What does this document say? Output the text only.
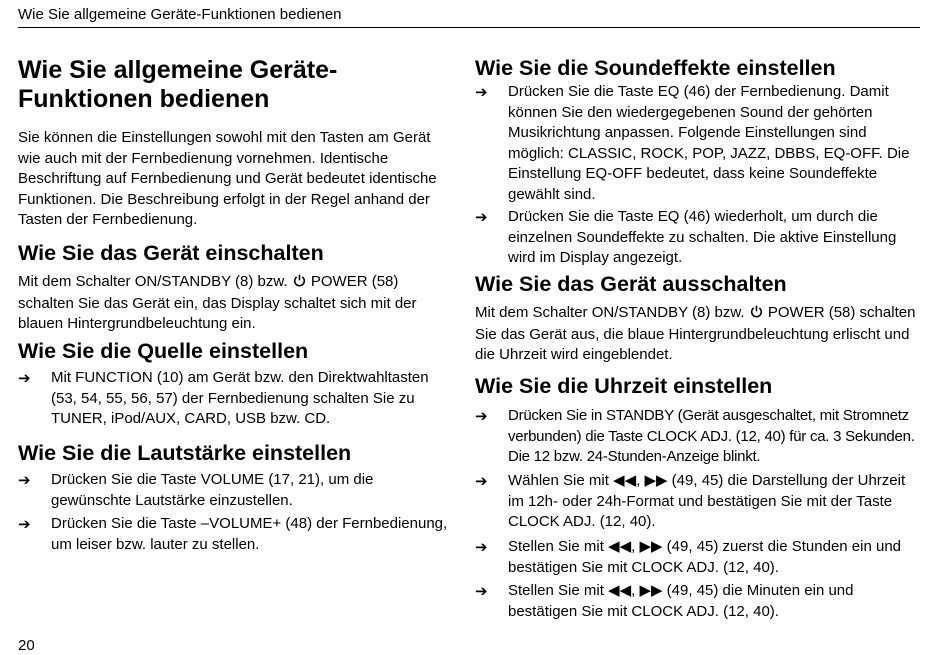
Wie Sie allgemeine Geräte-Funktionen bedienen
Wie Sie allgemeine Geräte-Funktionen bedienen

Sie können die Einstellungen sowohl mit den Tasten am Gerät wie auch mit der Fernbedienung vornehmen. Identische Beschriftung auf Fernbedienung und Gerät bedeutet identische Funktionen. Die Beschreibung erfolgt in der Regel anhand der Tasten der Fernbedienung.

Wie Sie das Gerät einschalten

Mit dem Schalter ON/STANDBY (8) bzw. POWER (58) schalten Sie das Gerät ein, das Display schaltet sich mit der blauen Hintergrundbeleuchtung ein.

Wie Sie die Quelle einstellen
➔	Mit FUNCTION (10) am Gerät bzw. den Direktwahltasten (53, 54, 55, 56, 57) der Fernbedienung schalten Sie zu TUNER, iPod/AUX, CARD, USB bzw. CD.
Wie Sie die Lautstärke einstellen
➔	Drücken Sie die Taste VOLUME (17, 21), um die gewünschte Lautstärke einzustellen.
➔	Drücken Sie die Taste –VOLUME+ (48) der Fernbedienung, um leiser bzw. lauter zu stellen.
Wie Sie die Soundeffekte einstellen
➔	Drücken Sie die Taste EQ (46) der Fernbedienung. Damit können Sie den wiedergegebenen Sound der gehörten Musikrichtung anpassen. Folgende Einstellungen sind möglich: CLASSIC, ROCK, POP, JAZZ, DBBS, EQ-OFF. Die Einstellung EQ-OFF bedeutet, dass keine Soundeffekte gewählt sind.
➔	Drücken Sie die Taste EQ (46) wiederholt, um durch die einzelnen Soundeffekte zu schalten. Die aktive Einstellung wird im Display angezeigt.
Wie Sie das Gerät ausschalten

Mit dem Schalter ON/STANDBY (8) bzw. POWER (58) schalten Sie das Gerät aus, die blaue Hintergrundbeleuchtung erlischt und die Uhrzeit wird eingeblendet.

Wie Sie die Uhrzeit einstellen
➔	Drücken Sie in STANDBY (Gerät ausgeschaltet, mit Stromnetz verbunden) die Taste CLOCK ADJ. (12, 40) für ca. 3 Sekunden. Die 12 bzw. 24-Stunden-Anzeige blinkt.
➔	Wählen Sie mit ◀◀, ▶▶ (49, 45) die Darstellung der Uhrzeit im 12h- oder 24h-Format und bestätigen Sie mit der Taste CLOCK ADJ. (12, 40).
➔	Stellen Sie mit ◀◀, ▶▶ (49, 45) zuerst die Stunden ein und bestätigen Sie mit CLOCK ADJ. (12, 40).
➔	Stellen Sie mit ◀◀, ▶▶ (49, 45) die Minuten ein und bestätigen Sie mit CLOCK ADJ. (12, 40).
20
